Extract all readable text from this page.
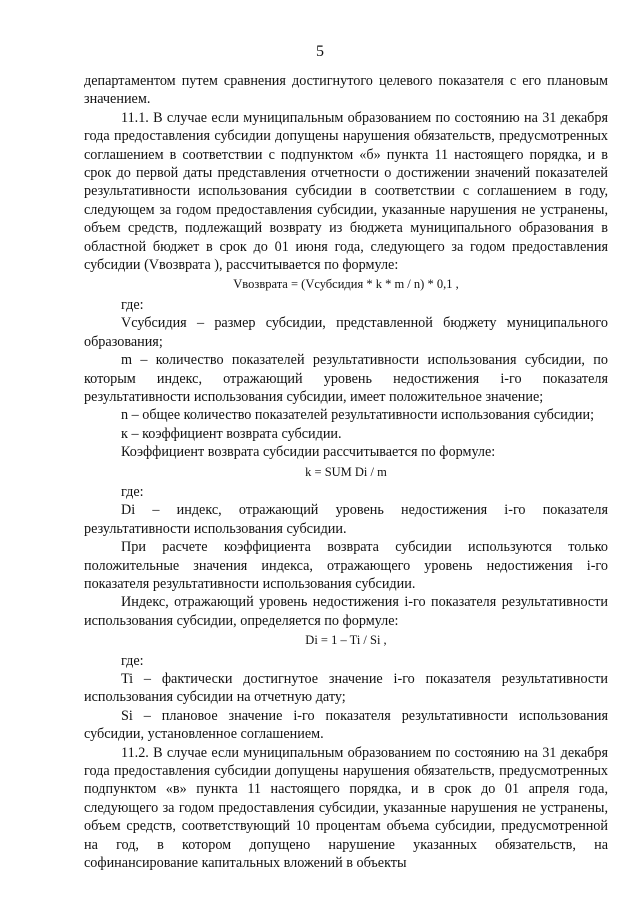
5

департаментом путем сравнения достигнутого целевого показателя с его плановым значением.

11.1. В случае если муниципальным образованием по состоянию на 31 декабря года предоставления субсидии допущены нарушения обязательств, предусмотренных соглашением в соответствии с подпунктом «б» пункта 11 настоящего порядка, и в срок до первой даты представления отчетности о достижении значений показателей результативности использования субсидии в соответствии с соглашением в году, следующем за годом предоставления субсидии, указанные нарушения не устранены, объем средств, подлежащий возврату из бюджета муниципального образования в областной бюджет в срок до 01 июня года, следующего за годом предоставления субсидии (Vвозврата ), рассчитывается по формуле:

Vвозврата = (Vсубсидия * k * m / n) * 0,1 ,

где:

Vсубсидия – размер субсидии, представленной бюджету муниципального образования;

m – количество показателей результативности использования субсидии, по которым индекс, отражающий уровень недостижения i-го показателя результативности использования субсидии, имеет положительное значение;

n – общее количество показателей результативности использования субсидии;

к – коэффициент возврата субсидии.

Коэффициент возврата субсидии рассчитывается по формуле:

k = SUM Di / m

где:

Di – индекс, отражающий уровень недостижения i-го показателя результативности использования субсидии.

При расчете коэффициента возврата субсидии используются только положительные значения индекса, отражающего уровень недостижения i-го показателя результативности использования субсидии.

Индекс, отражающий уровень недостижения i-го показателя результативности использования субсидии, определяется по формуле:

Di = 1 – Ti / Si ,

где:

Ti – фактически достигнутое значение i-го показателя результативности использования субсидии на отчетную дату;

Si – плановое значение i-го показателя результативности использования субсидии, установленное соглашением.

11.2. В случае если муниципальным образованием по состоянию на 31 декабря года предоставления субсидии допущены нарушения обязательств, предусмотренных подпунктом «в» пункта 11 настоящего порядка, и в срок до 01 апреля года, следующего за годом предоставления субсидии, указанные нарушения не устранены, объем средств, соответствующий 10 процентам объема субсидии, предусмотренной на год, в котором допущено нарушение указанных обязательств, на софинансирование капитальных вложений в объекты
